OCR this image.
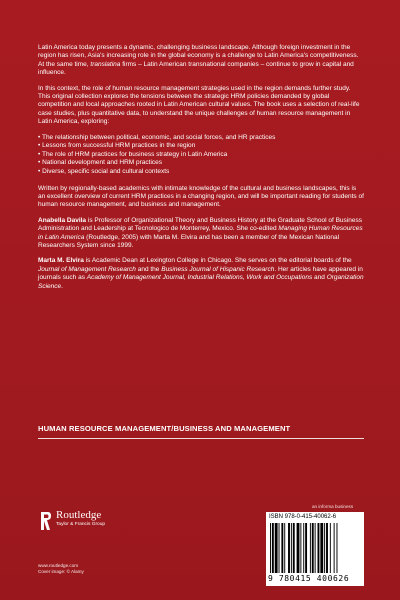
Latin America today presents a dynamic, challenging business landscape. Although foreign investment in the region has risen, Asia's increasing role in the global economy is a challenge to Latin America's competitiveness. At the same time, translatina firms – Latin American transnational companies – continue to grow in capital and influence.

In this context, the role of human resource management strategies used in the region demands further study. This original collection explores the tensions between the strategic HRM policies demanded by global competition and local approaches rooted in Latin American cultural values. The book uses a selection of real-life case studies, plus quantitative data, to understand the unique challenges of human resource management in Latin America, exploring:

• The relationship between political, economic, and social forces, and HR practices
• Lessons from successful HRM practices in the region
• The role of HRM practices for business strategy in Latin America
• National development and HRM practices
• Diverse, specific social and cultural contexts

Written by regionally-based academics with intimate knowledge of the cultural and business landscapes, this is an excellent overview of current HRM practices in a changing region, and will be important reading for students of human resource management, and business and management.

Anabella Davila is Professor of Organizational Theory and Business History at the Graduate School of Business Administration and Leadership at Tecnologico de Monterrey, Mexico. She co-edited Managing Human Resources in Latin America (Routledge, 2005) with Marta M. Elvira and has been a member of the Mexican National Researchers System since 1999.

Marta M. Elvira is Academic Dean at Lexington College in Chicago. She serves on the editorial boards of the Journal of Management Research and the Business Journal of Hispanic Research. Her articles have appeared in journals such as Academy of Management Journal, Industrial Relations, Work and Occupations and Organization Science.

HUMAN RESOURCE MANAGEMENT/BUSINESS AND MANAGEMENT
an informa business
Routledge
Taylor & Francis Group
www.routledge.com
Cover image: © Alamy
ISBN 978-0-415-40062-6
9 780415 400626
